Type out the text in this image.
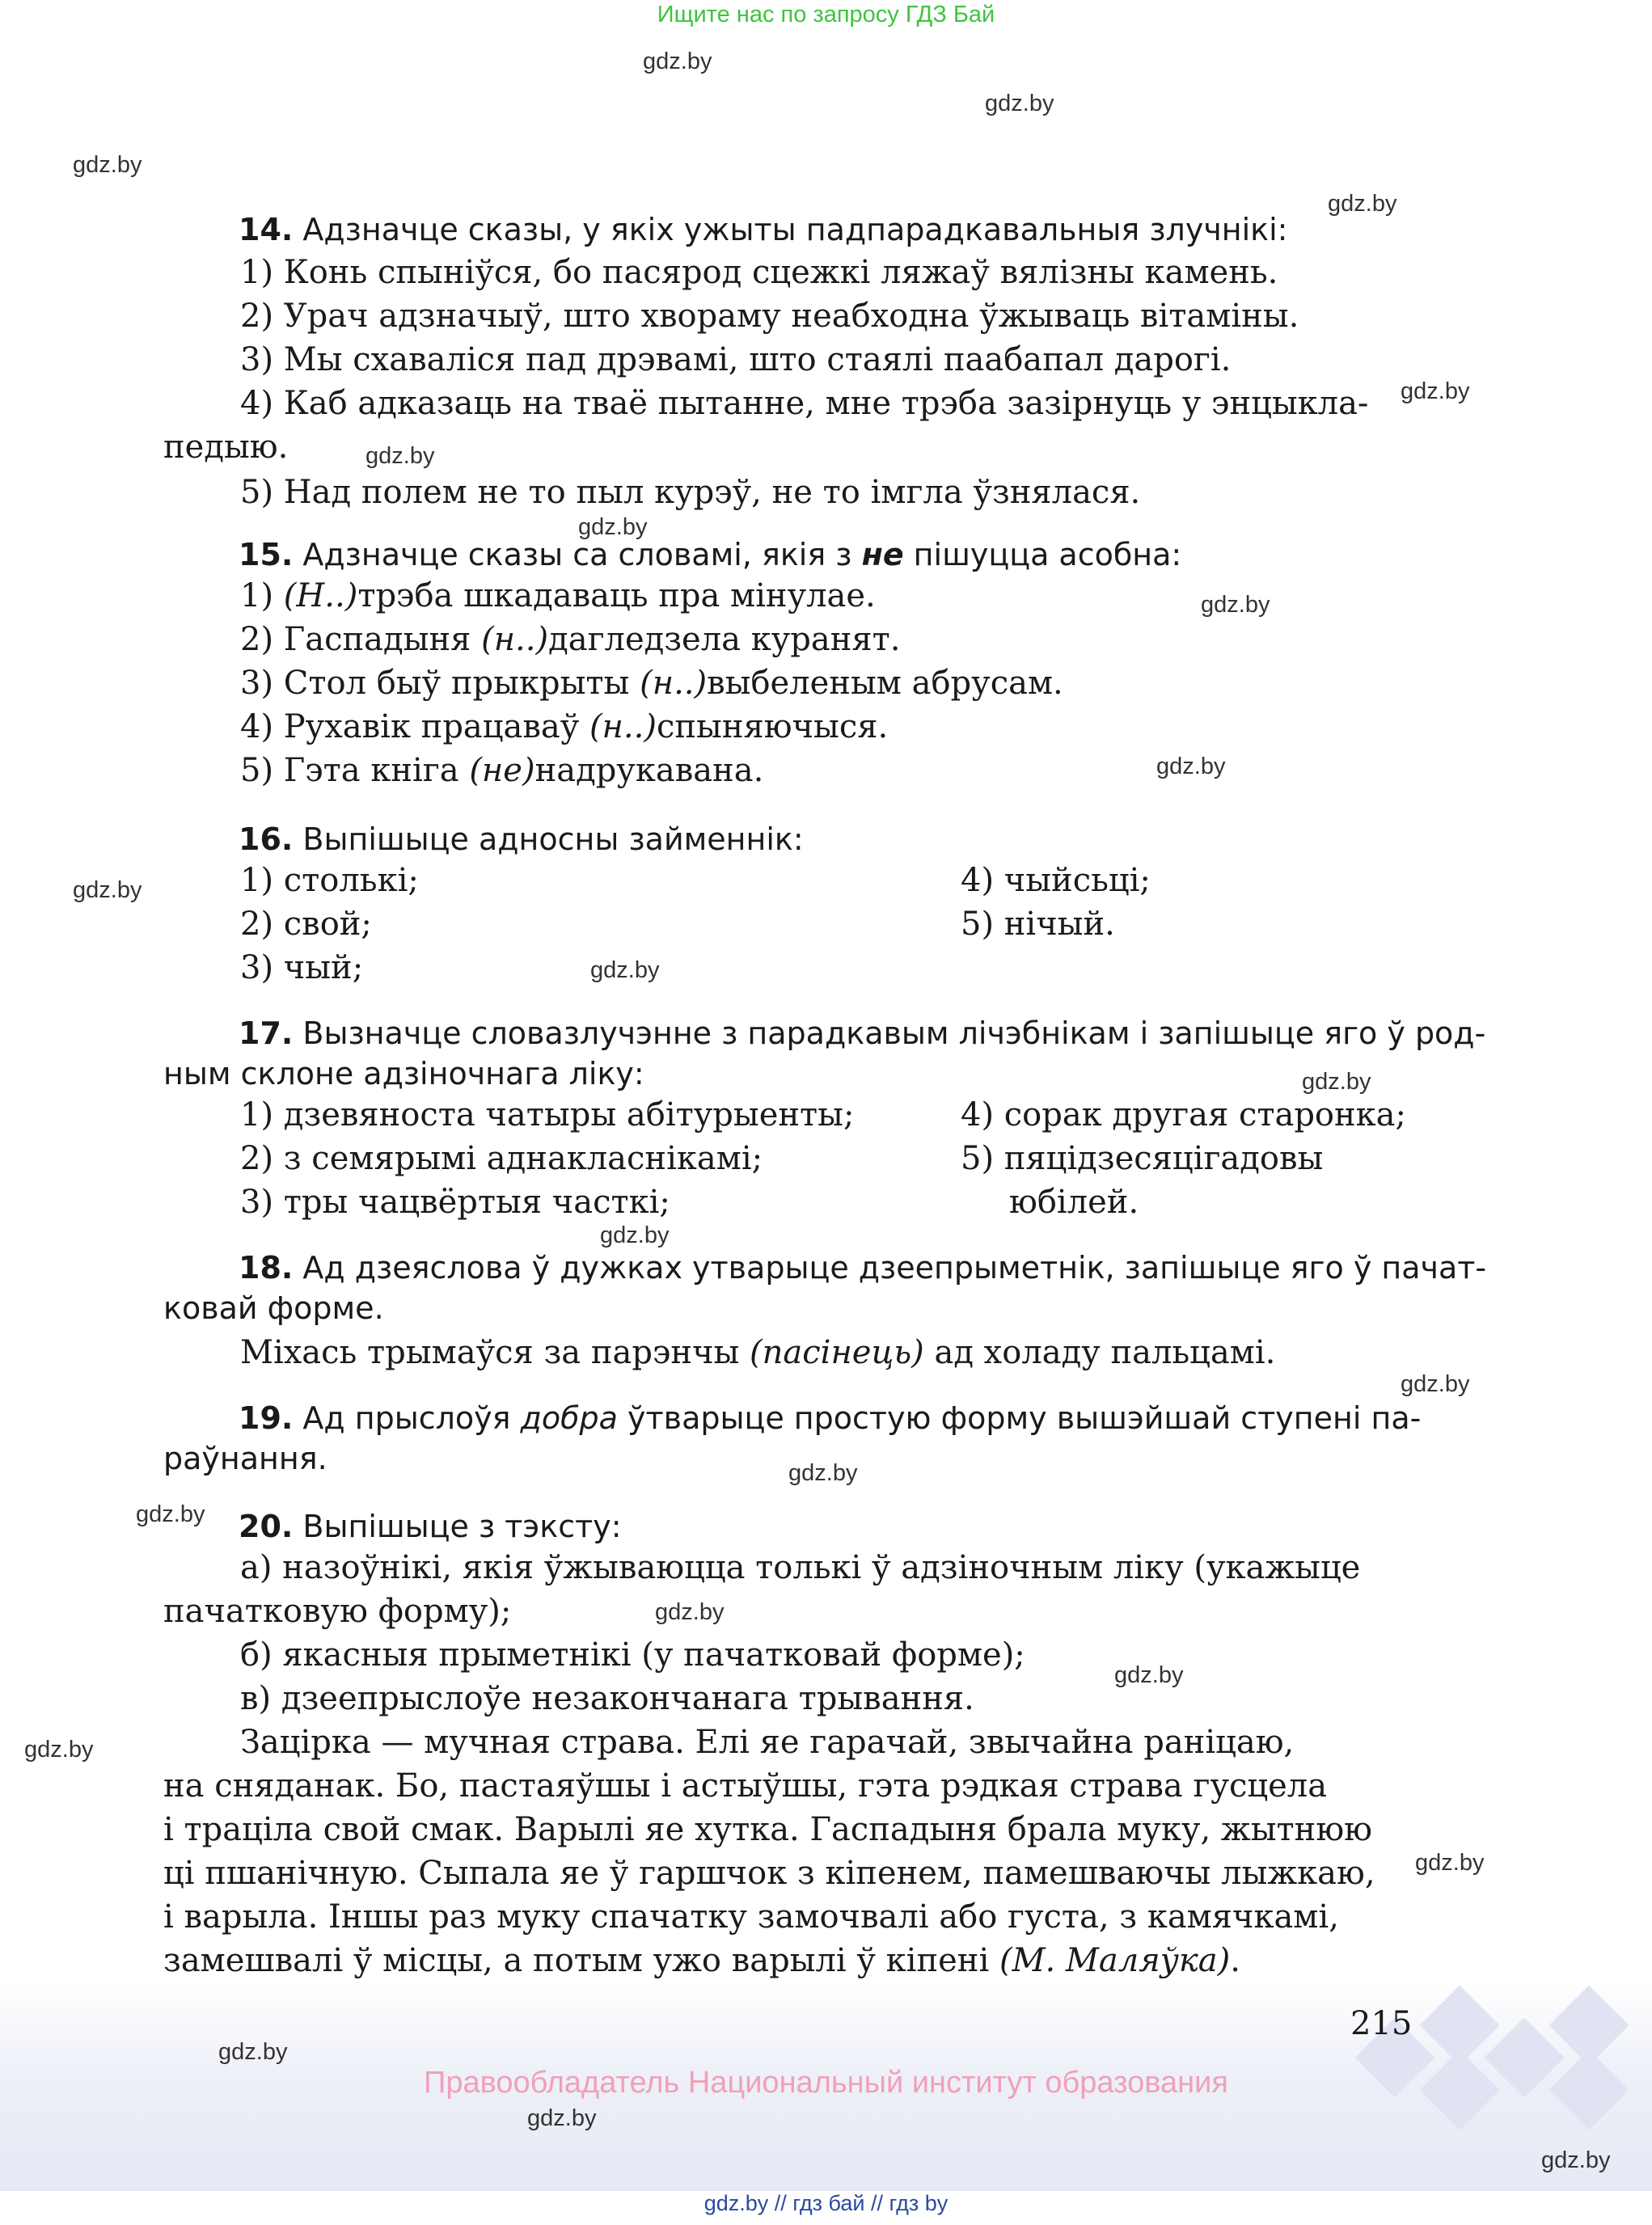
Ищите нас по запросу ГДЗ Бай
gdz.by
gdz.by
gdz.by
gdz.by
gdz.by
gdz.by
gdz.by
gdz.by
gdz.by
gdz.by
gdz.by
gdz.by
gdz.by
gdz.by
gdz.by
gdz.by
gdz.by
gdz.by
gdz.by
gdz.by
14. Адзначце сказы, у якіх ужыты падпарадкавальныя злучнікі:
1) Конь спыніўся, бо пасярод сцежкі ляжаў вялізны камень.
2) Урач адзначыў, што хвораму неабходна ўжываць вітаміны.
3) Мы схаваліся пад дрэвамі, што стаялі паабапал дарогі.
4) Каб адказаць на тваё пытанне, мне трэба зазірнуць у энцыкла-
педыю.
5) Над полем не то пыл курэў, не то імгла ўзнялася.
15. Адзначце сказы са словамі, якія з не пішуцца асобна:
1) (Н..)трэба шкадаваць пра мінулае.
2) Гаспадыня (н..)дагледзела куранят.
3) Стол быў прыкрыты (н..)выбеленым абрусам.
4) Рухавік працаваў (н..)спыняючыся.
5) Гэта кніга (не)надрукавана.
16. Выпішыце адносны займеннік:
1) столькі;
2) свой;
3) чый;
4) чыйсьці;
5) нічый.
17. Вызначце словазлучэнне з парадкавым лічэбнікам і запішыце яго ў род-
ным склоне адзіночнага ліку:
1) дзевяноста чатыры абітурыенты;
2) з семярымі аднакласнікамі;
3) тры чацвёртыя часткі;
4) сорак другая старонка;
5) пяцідзесяцігадовы
юбілей.
18. Ад дзеяслова ў дужках утварыце дзеепрыметнік, запішыце яго ў пачат-
ковай форме.
Міхась трымаўся за парэнчы (пасінець) ад холаду пальцамі.
19. Ад прыслоўя добра ўтварыце простую форму вышэйшай ступені па-
раўнання.
20. Выпішыце з тэксту:
а) назоўнікі, якія ўжываюцца толькі ў адзіночным ліку (укажыце
пачатковую форму);
б) якасныя прыметнікі (у пачатковай форме);
в) дзеепрыслоўе незакончанага трывання.
Зацірка — мучная страва. Елі яе гарачай, звычайна раніцаю,
на сняданак. Бо, пастаяўшы і астыўшы, гэта рэдкая страва гусцела
і траціла свой смак. Варылі яе хутка. Гаспадыня брала муку, жытнюю
ці пшанічную. Сыпала яе ў гаршчок з кіпенем, памешваючы лыжкаю,
і варыла. Іншы раз муку спачатку замочвалі або густа, з камячкамі,
замешвалі ў місцы, а потым ужо варылі ў кіпені (М. Маляўка).
215
gdz.by
gdz.by
gdz.by
Правообладатель Национальный институт образования
gdz.by // гдз бай // гдз by
